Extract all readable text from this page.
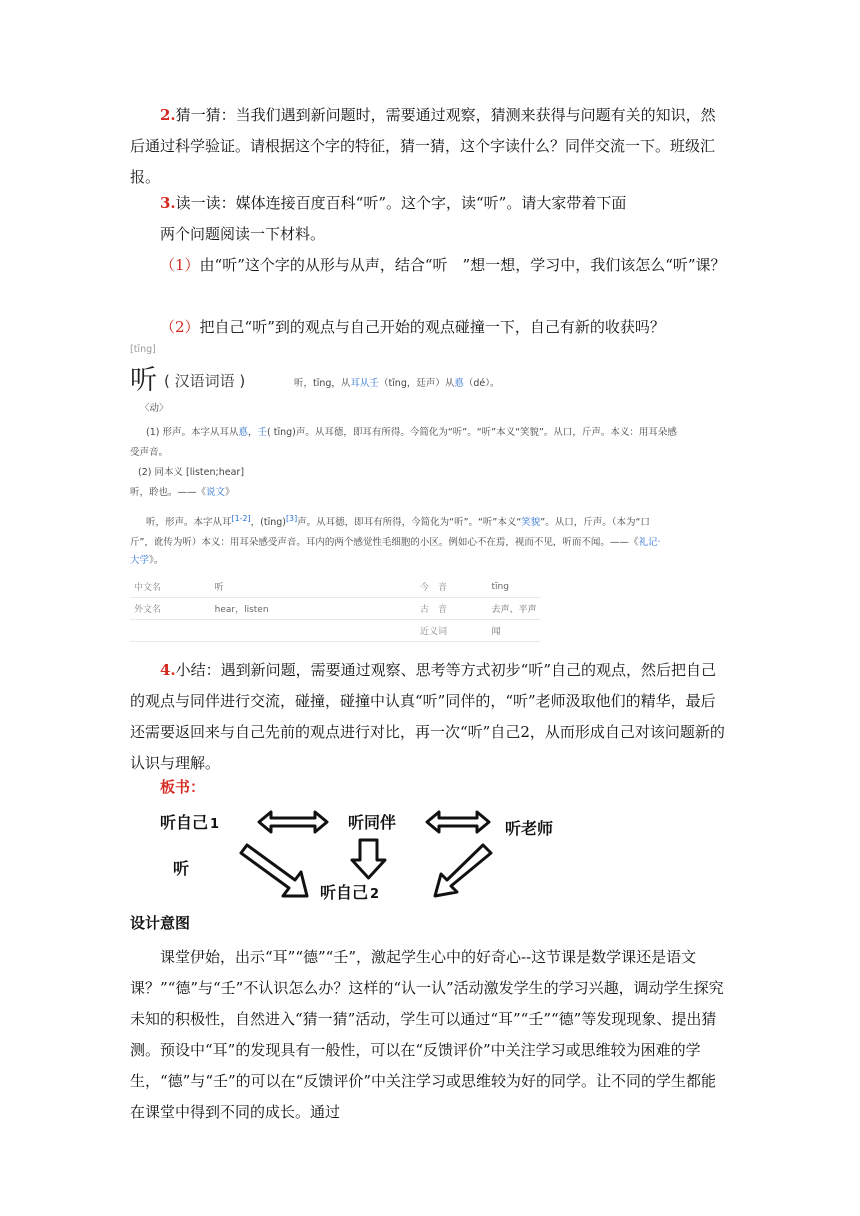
2.猜一猜：当我们遇到新问题时，需要通过观察，猜测来获得与问题有关的知识，然后通过科学验证。请根据这个字的特征，猜一猜，这个字读什么？同伴交流一下。班级汇报。
3.读一读：媒体连接百度百科“听”。这个字，读“听”。请大家带着下面
两个问题阅读一下材料。
（1）由“听”这个字的从形与从声，结合“听　”想一想，学习中，我们该怎么“听”课？
（2）把自己“听”到的观点与自己开始的观点碰撞一下，自己有新的收获吗？
[tīng]
听 ( 汉语词语 )	听，tīng，从耳从壬（tīng，廷声）从悳（dé）。
〈动〉
(1) 形声。本字从耳从悳，壬( tīng)声。从耳德，即耳有所得。今简化为“听”。“听”本义“笑貌”。从口，斤声。本义：用耳朵感
受声音。
(2) 同本义 [listen;hear]
听，聆也。——《说文》
听，形声。本字从耳[1-2]，(tīng)[3]声。从耳德，即耳有所得，今简化为“听”。“听”本义“笑貌”。从口，斤声。（本为“口
斤”，讹传为听）本义：用耳朵感受声音。耳内的两个感觉性毛细胞的小区。例如心不在焉，视而不见，听而不闻。——《礼记·
大学》。
中文名	听	今　音	tīng
外文名	hear，listen	古　音	去声、平声
		近义词	闻
4.小结：遇到新问题，需要通过观察、思考等方式初步“听”自己的观点，然后把自己的观点与同伴进行交流，碰撞，碰撞中认真“听”同伴的，“听”老师汲取他们的精华，最后还需要返回来与自己先前的观点进行对比，再一次“听”自己2，从而形成自己对该问题新的认识与理解。
板书：
听自己 1	听同伴	听老师
听
听自己 2
设计意图
课堂伊始，出示“耳”“德”“壬”，激起学生心中的好奇心--这节课是数学课还是语文课？”“德”与“壬”不认识怎么办？这样的“认一认”活动激发学生的学习兴趣，调动学生探究未知的积极性，自然进入“猜一猜”活动，学生可以通过“耳”“壬”“德”等发现现象、提出猜测。预设中“耳”的发现具有一般性，可以在“反馈评价”中关注学习或思维较为困难的学生，“德”与“壬”的可以在“反馈评价”中关注学习或思维较为好的同学。让不同的学生都能在课堂中得到不同的成长。通过
